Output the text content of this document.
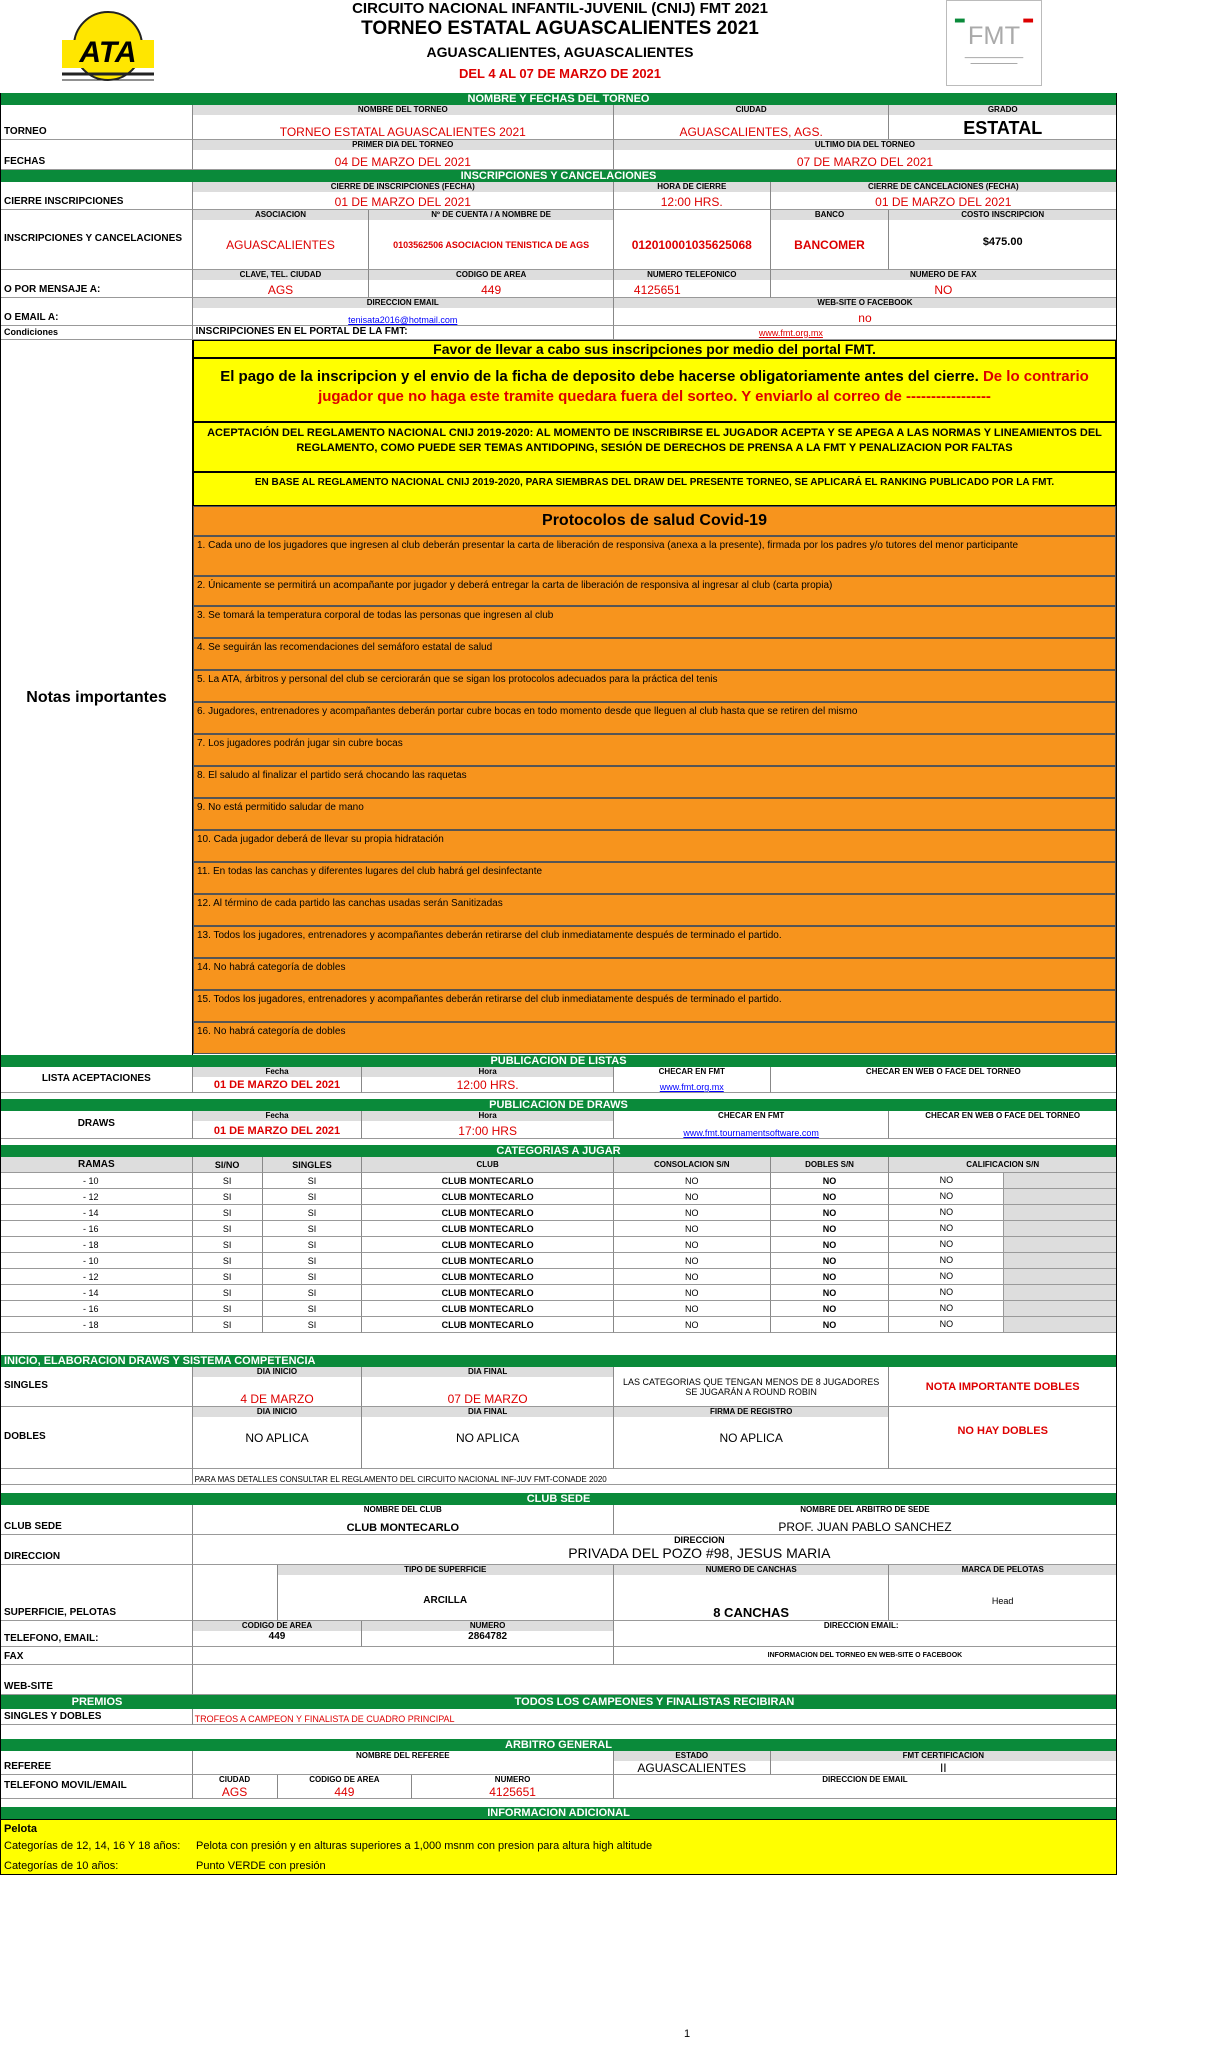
ATA
CIRCUITO NACIONAL INFANTIL-JUVENIL (CNIJ) FMT 2021
TORNEO ESTATAL AGUASCALIENTES 2021
AGUASCALIENTES, AGUASCALIENTES
DEL 4 AL 07 DE MARZO DE 2021
FMT
NOMBRE Y FECHAS DEL TORNEO
TORNEO
NOMBRE DEL TORNEO
TORNEO ESTATAL AGUASCALIENTES 2021
CIUDAD
AGUASCALIENTES, AGS.
GRADO
ESTATAL
FECHAS
PRIMER DIA DEL TORNEO
04 DE MARZO DEL 2021
ULTIMO DIA DEL TORNEO
07 DE MARZO DEL 2021
INSCRIPCIONES Y CANCELACIONES
CIERRE INSCRIPCIONES
CIERRE DE INSCRIPCIONES (FECHA)
01 DE MARZO DEL 2021
HORA DE CIERRE
12:00 HRS.
CIERRE DE CANCELACIONES (FECHA)
01 DE MARZO DEL 2021
INSCRIPCIONES Y CANCELACIONES
ASOCIACION
AGUASCALIENTES
Nº DE CUENTA / A NOMBRE DE
0103562506 ASOCIACION TENISTICA DE AGS	012010001035625068
BANCO
BANCOMER
COSTO INSCRIPCION
$475.00
O POR MENSAJE A:
CLAVE, TEL. CIUDAD
AGS
CODIGO DE AREA
449
NUMERO TELEFONICO
4125651
NUMERO DE FAX
NO
O EMAIL A:
DIRECCION EMAIL
tenisata2016@hotmail.com
WEB-SITE O FACEBOOK
no
Condiciones	INSCRIPCIONES EN EL PORTAL DE LA FMT:	www.fmt.org.mx
Notas importantes
Favor de llevar a cabo sus inscripciones por medio del portal FMT.
El pago de la inscripcion y el envio de la ficha de deposito debe hacerse obligatoriamente antes del cierre. De lo contrario jugador que no haga este tramite quedara fuera del sorteo. Y enviarlo al correo de -----------------
ACEPTACIÓN DEL REGLAMENTO NACIONAL CNIJ 2019-2020: AL MOMENTO DE INSCRIBIRSE EL JUGADOR ACEPTA Y SE APEGA A LAS NORMAS Y LINEAMIENTOS DEL REGLAMENTO, COMO PUEDE SER TEMAS ANTIDOPING, SESIÓN DE DERECHOS DE PRENSA A LA FMT Y PENALIZACION POR FALTAS
EN BASE AL REGLAMENTO NACIONAL CNIJ 2019-2020, PARA SIEMBRAS DEL DRAW DEL PRESENTE TORNEO, SE APLICARÁ EL RANKING PUBLICADO POR LA FMT.
Protocolos de salud Covid-19
1. Cada uno de los jugadores que ingresen al club deberán presentar la carta de liberación de responsiva (anexa a la presente), firmada por los padres y/o tutores del menor participante
2. Únicamente se permitirá un acompañante por jugador y deberá entregar la carta de liberación de responsiva al ingresar al club (carta propia)
3. Se tomará la temperatura corporal de todas las personas que ingresen al club
4. Se seguirán las recomendaciones del semáforo estatal de salud
5. La ATA, árbitros y personal del club se cerciorarán que se sigan los protocolos adecuados para la práctica del tenis
6. Jugadores, entrenadores y acompañantes deberán portar cubre bocas en todo momento desde que lleguen al club hasta que se retiren del mismo
7. Los jugadores podrán jugar sin cubre bocas
8. El saludo al finalizar el partido será chocando las raquetas
9. No está permitido saludar de mano
10. Cada jugador deberá de llevar su propia hidratación
11. En todas las canchas y diferentes lugares del club habrá gel desinfectante
12. Al término de cada partido las canchas usadas serán Sanitizadas
13. Todos los jugadores, entrenadores y acompañantes deberán retirarse del club inmediatamente después de terminado el partido.
14. No habrá categoría de dobles
15. Todos los jugadores, entrenadores y acompañantes deberán retirarse del club inmediatamente después de terminado el partido.
16. No habrá categoría de dobles
PUBLICACION DE LISTAS
LISTA ACEPTACIONES
Fecha
01 DE MARZO DEL 2021
Hora
12:00 HRS.
CHECAR EN FMT
www.fmt.org.mx
CHECAR EN WEB O FACE DEL TORNEO
PUBLICACION DE DRAWS
DRAWS
Fecha
01 DE MARZO DEL 2021
Hora
17:00 HRS
CHECAR EN FMT
www.fmt.tournamentsoftware.com
CHECAR EN WEB O FACE DEL TORNEO
CATEGORIAS A JUGAR
RAMAS	SI/NO	SINGLES	CLUB	CONSOLACION S/N	DOBLES S/N	CALIFICACION S/N
- 10	SI	SI	CLUB MONTECARLO	NO	NO	NO
- 12	SI	SI	CLUB MONTECARLO	NO	NO	NO
- 14	SI	SI	CLUB MONTECARLO	NO	NO	NO
- 16	SI	SI	CLUB MONTECARLO	NO	NO	NO
- 18	SI	SI	CLUB MONTECARLO	NO	NO	NO
- 10	SI	SI	CLUB MONTECARLO	NO	NO	NO
- 12	SI	SI	CLUB MONTECARLO	NO	NO	NO
- 14	SI	SI	CLUB MONTECARLO	NO	NO	NO
- 16	SI	SI	CLUB MONTECARLO	NO	NO	NO
- 18	SI	SI	CLUB MONTECARLO	NO	NO	NO
INICIO, ELABORACION DRAWS Y SISTEMA COMPETENCIA
SINGLES
DIA INICIO
4 DE MARZO
DIA FINAL
07 DE MARZO
LAS CATEGORIAS QUE TENGAN MENOS DE 8 JUGADORES SE JUGARÁN A ROUND ROBIN	NOTA IMPORTANTE DOBLES
DOBLES
DIA INICIO
NO APLICA
DIA FINAL
NO APLICA
FIRMA DE REGISTRO
NO APLICA
NO HAY DOBLES
PARA MAS DETALLES CONSULTAR EL REGLAMENTO DEL CIRCUITO NACIONAL INF-JUV FMT-CONADE 2020
CLUB SEDE
CLUB SEDE
NOMBRE DEL CLUB
CLUB MONTECARLO
NOMBRE DEL ARBITRO DE SEDE
PROF. JUAN PABLO SANCHEZ
DIRECCION
DIRECCION
PRIVADA DEL POZO #98, JESUS MARIA
SUPERFICIE, PELOTAS
TIPO DE SUPERFICIE
ARCILLA
NUMERO DE CANCHAS
8 CANCHAS
MARCA DE PELOTAS
Head
TELEFONO, EMAIL:
CODIGO DE AREA
449
NUMERO
2864782
DIRECCION EMAIL:
FAX	INFORMACION DEL TORNEO EN WEB-SITE O FACEBOOK
WEB-SITE
PREMIOS	TODOS LOS CAMPEONES Y FINALISTAS RECIBIRAN
SINGLES Y DOBLES	TROFEOS A CAMPEON Y FINALISTA DE CUADRO PRINCIPAL
ARBITRO GENERAL
REFEREE
NOMBRE DEL REFEREE	ESTADO
AGUASCALIENTES
FMT CERTIFICACION
II
TELEFONO MOVIL/EMAIL
CIUDAD
AGS
CODIGO DE AREA
449
NUMERO
4125651
DIRECCION DE EMAIL
INFORMACION ADICIONAL
Pelota
Categorías de 12, 14, 16 Y 18 años:	Pelota con presión y en alturas superiores a 1,000 msnm con presion para altura high altitude
Categorías de 10 años:	Punto VERDE con presión
1
